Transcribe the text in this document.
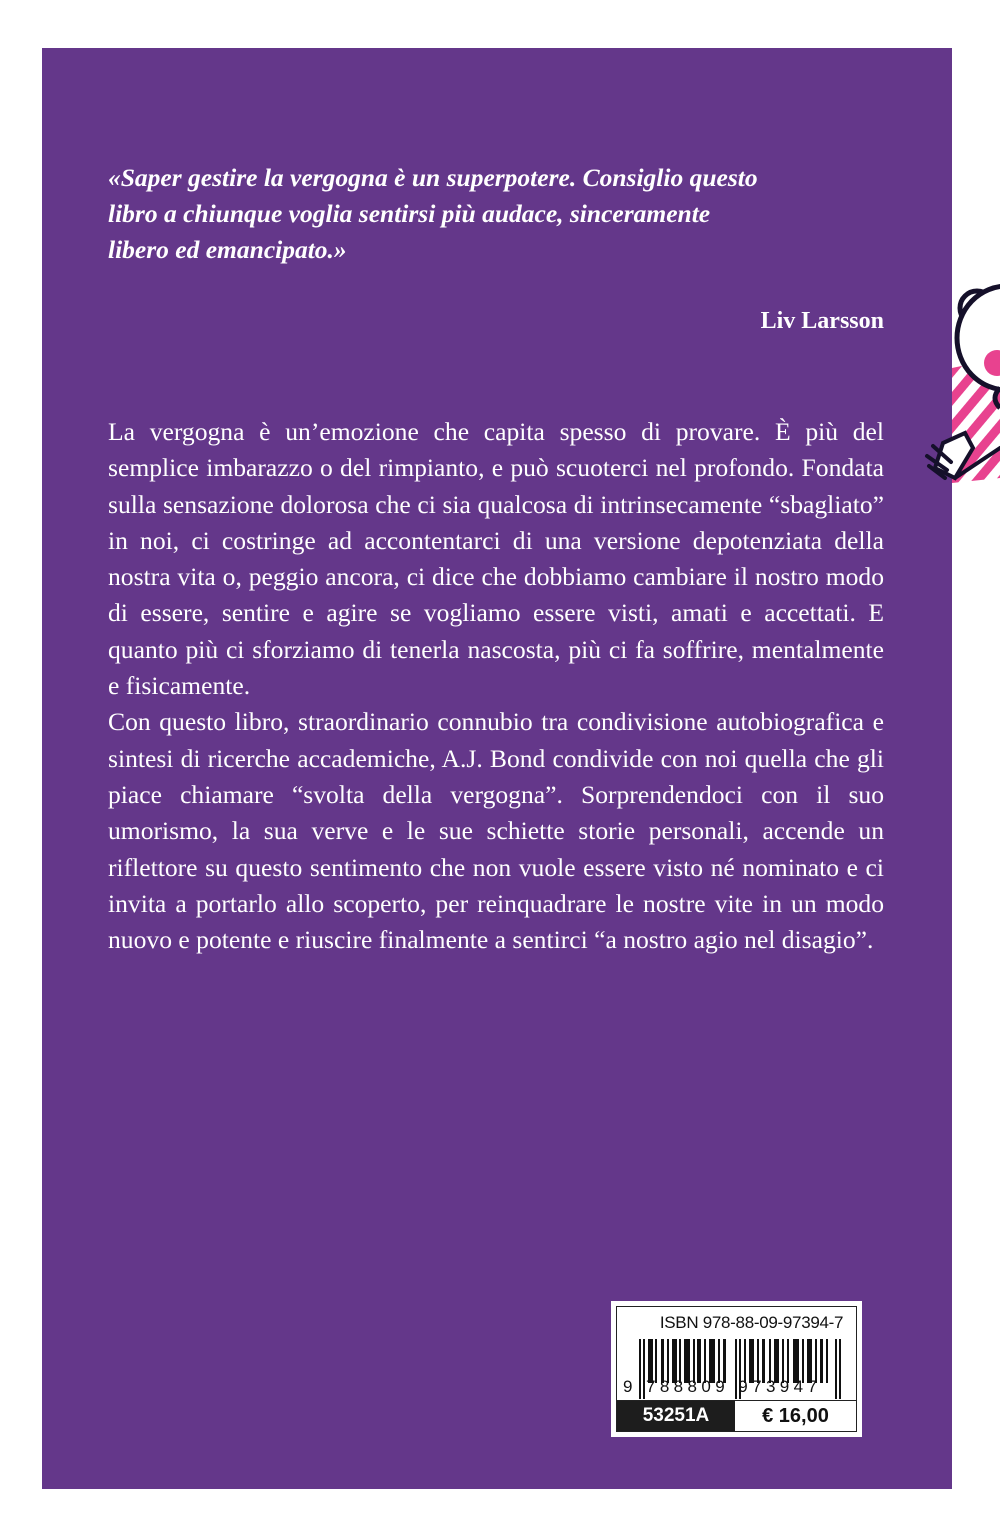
«Saper gestire la vergogna è un superpotere. Consiglio questo
libro a chiunque voglia sentirsi più audace, sinceramente
libero ed emancipato.»

Liv Larsson

La vergogna è un’emozione che capita spesso di provare. È più del semplice imbarazzo o del rimpianto, e può scuoterci nel profondo. Fondata sulla sensazione dolorosa che ci sia qualcosa di intrinsecamente “sbagliato” in noi, ci costringe ad accontentarci di una versione depotenziata della nostra vita o, peggio ancora, ci dice che dobbiamo cambiare il nostro modo di essere, sentire e agire se vogliamo essere visti, amati e accettati. E quanto più ci sforziamo di tenerla nascosta, più ci fa soffrire, mentalmente e fisicamente.

Con questo libro, straordinario connubio tra condivisione autobiografica e sintesi di ricerche accademiche, A.J. Bond condivide con noi quella che gli piace chiamare “svolta della vergogna”. Sorprendendoci con il suo umorismo, la sua verve e le sue schiette storie personali, accende un riflettore su questo sentimento che non vuole essere visto né nominato e ci invita a portarlo allo scoperto, per reinquadrare le nostre vite in un modo nuovo e potente e riuscire finalmente a sentirci “a nostro agio nel disagio”.

ISBN 978-88-09-97394-7
9 788809 973947
53251A	€ 16,00
